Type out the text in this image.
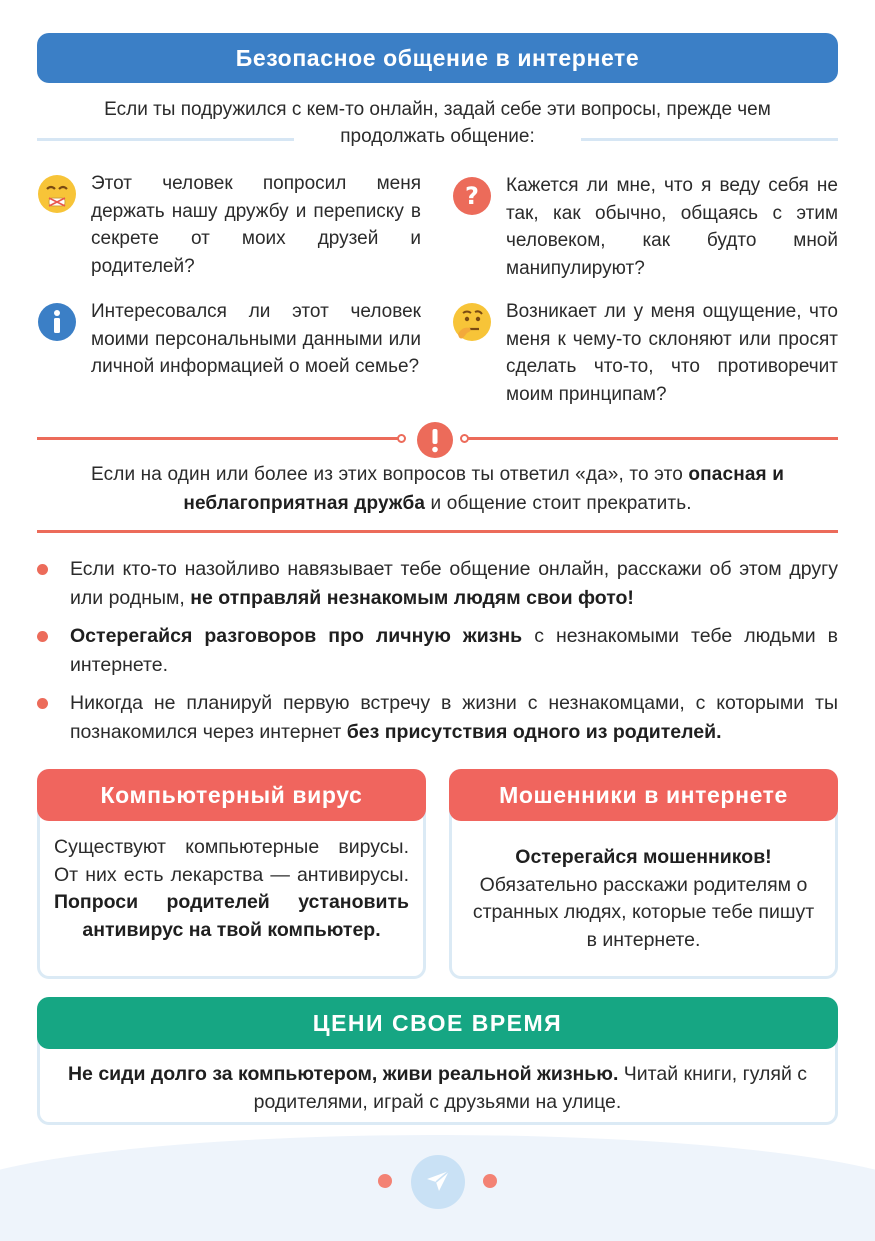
Безопасное общение в интернете
Если ты подружился с кем-то онлайн, задай себе эти вопросы, прежде чем
продолжать общение:
Этот человек попросил меня держать нашу дружбу и переписку в секрете от моих друзей и родителей?
? Кажется ли мне, что я веду себя не так, как обычно, общаясь с этим человеком, как будто мной манипулируют?
Интересовался ли этот человек моими персональными данными или личной информацией о моей семье?
Возникает ли у меня ощущение, что меня к чему-то склоняют или просят сделать что-то, что противоречит моим принципам?
Если на один или более из этих вопросов ты ответил «да», то это опасная и неблагоприятная дружба и общение стоит прекратить.
Если кто-то назойливо навязывает тебе общение онлайн, расскажи об этом другу или родным, не отправляй незнакомым людям свои фото!
Остерегайся разговоров про личную жизнь с незнакомыми тебе людьми в интернете.
Никогда не планируй первую встречу в жизни с незнакомцами, с которыми ты познакомился через интернет без присутствия одного из родителей.
Компьютерный вирус
Существуют компьютерные вирусы. От них есть лекарства — антивирусы. Попроси родителей установить антивирус на твой компьютер.
Мошенники в интернете
Остерегайся мошенников! Обязательно расскажи родителям о странных людях, которые тебе пишут в интернете.
ЦЕНИ СВОЕ ВРЕМЯ
Не сиди долго за компьютером, живи реальной жизнью. Читай книги, гуляй с родителями, играй с друзьями на улице.
